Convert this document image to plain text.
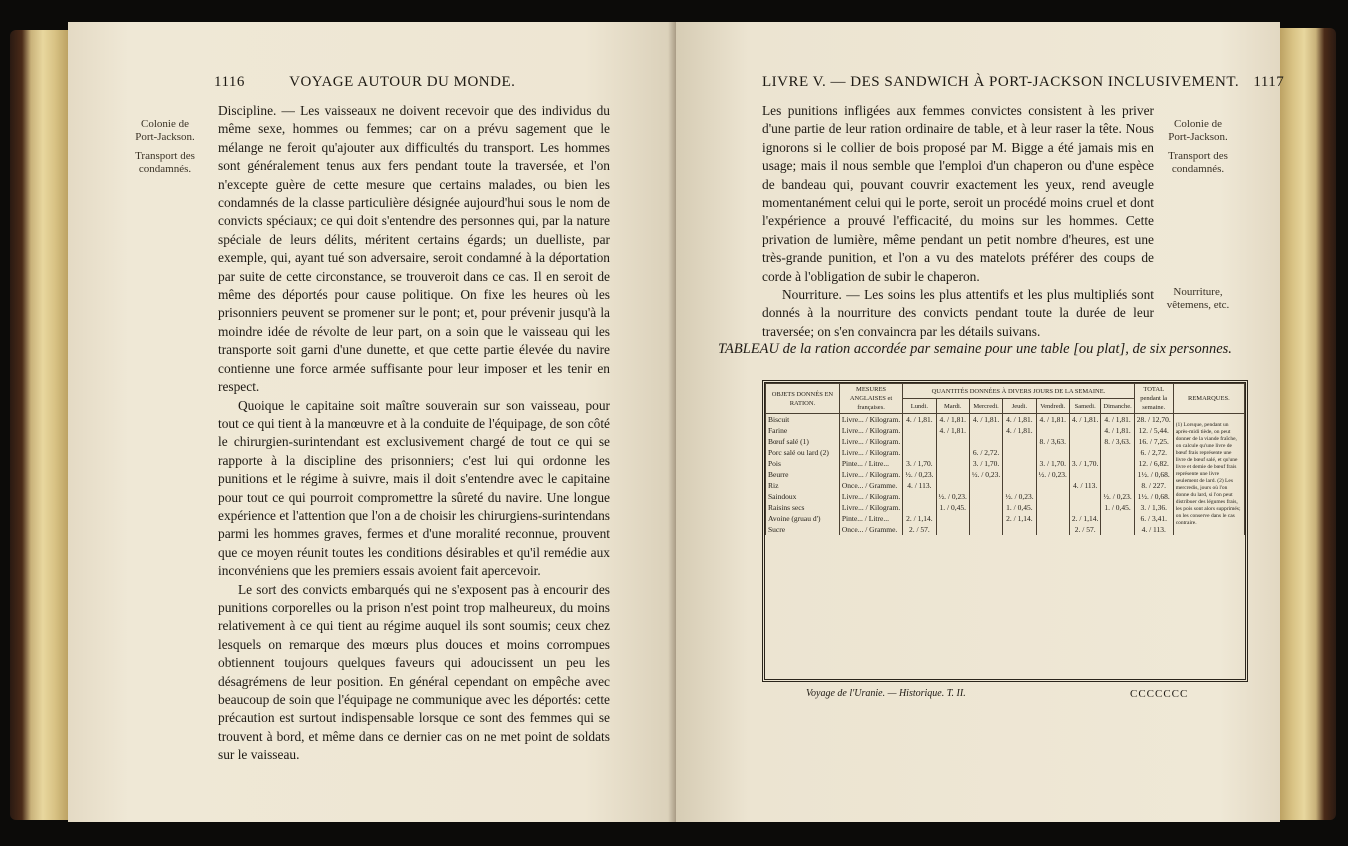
1116	VOYAGE AUTOUR DU MONDE.
Colonie de Port-Jackson.
Transport des condamnés.

Discipline. — Les vaisseaux ne doivent recevoir que des individus du même sexe, hommes ou femmes; car on a prévu sagement que le mélange ne feroit qu'ajouter aux difficultés du transport. Les hommes sont généralement tenus aux fers pendant toute la traversée, et l'on n'excepte guère de cette mesure que certains malades, ou bien les condamnés de la classe particulière désignée aujourd'hui sous le nom de convicts spéciaux; ce qui doit s'entendre des personnes qui, par la nature spéciale de leurs délits, méritent certains égards; un duelliste, par exemple, qui, ayant tué son adversaire, seroit condamné à la déportation par suite de cette circonstance, se trouveroit dans ce cas. Il en seroit de même des déportés pour cause politique. On fixe les heures où les prisonniers peuvent se promener sur le pont; et, pour prévenir jusqu'à la moindre idée de révolte de leur part, on a soin que le vaisseau qui les transporte soit garni d'une dunette, et que cette partie élevée du navire contienne une force armée suffisante pour leur imposer et les tenir en respect.

Quoique le capitaine soit maître souverain sur son vaisseau, pour tout ce qui tient à la manœuvre et à la conduite de l'équipage, de son côté le chirurgien-surintendant est exclusivement chargé de tout ce qui se rapporte à la discipline des prisonniers; c'est lui qui ordonne les punitions et le régime à suivre, mais il doit s'entendre avec le capitaine pour tout ce qui pourroit compromettre la sûreté du navire. Une longue expérience et l'attention que l'on a de choisir les chirurgiens-surintendans parmi les hommes graves, fermes et d'une moralité reconnue, prouvent que ce moyen réunit toutes les conditions désirables et qu'il remédie aux inconvéniens que les premiers essais avoient fait apercevoir.

Le sort des convicts embarqués qui ne s'exposent pas à encourir des punitions corporelles ou la prison n'est point trop malheureux, du moins relativement à ce qui tient au régime auquel ils sont soumis; ceux chez lesquels on remarque des mœurs plus douces et moins corrompues obtiennent toujours quelques faveurs qui adoucissent un peu les désagrémens de leur position. En général cependant on empêche avec beaucoup de soin que l'équipage ne communique avec les déportés: cette précaution est surtout indispensable lorsque ce sont des femmes qui se trouvent à bord, et même dans ce dernier cas on ne met point de soldats sur le vaisseau.

LIVRE V. — DES SANDWICH À PORT-JACKSON INCLUSIVEMENT. 1117
Colonie de Port-Jackson.
Transport des condamnés.
Nourriture, vêtemens, etc.

Les punitions infligées aux femmes convictes consistent à les priver d'une partie de leur ration ordinaire de table, et à leur raser la tête. Nous ignorons si le collier de bois proposé par M. Bigge a été jamais mis en usage; mais il nous semble que l'emploi d'un chaperon ou d'une espèce de bandeau qui, pouvant couvrir exactement les yeux, rend aveugle momentanément celui qui le porte, seroit un procédé moins cruel et dont l'expérience a prouvé l'efficacité, du moins sur les hommes. Cette privation de lumière, même pendant un petit nombre d'heures, est une très-grande punition, et l'on a vu des matelots préférer des coups de corde à l'obligation de subir le chaperon.

Nourriture. — Les soins les plus attentifs et les plus multipliés sont donnés à la nourriture des convicts pendant toute la durée de leur traversée; on s'en convaincra par les détails suivans.

TABLEAU de la ration accordée par semaine pour une table [ou plat], de six personnes.
OBJETS DONNÉS EN RATION.	MESURES ANGLAISES et françaises.	QUANTITÉS DONNÉES À DIVERS JOURS DE LA SEMAINE.							TOTAL pendant la semaine.	REMARQUES.
		Lundi.	Mardi.	Mercredi.	Jeudi.	Vendredi.	Samedi.	Dimanche.		
Biscuit	Livre... / Kilogram.	4. / 1,81.	4. / 1,81.	4. / 1,81.	4. / 1,81.	4. / 1,81.	4. / 1,81.	4. / 1,81.	28. / 12,70.	(1) Lorsque, pendant un après-midi tiède, on peut donner de la viande fraîche, on calcule qu'une livre de bœuf frais représente une livre de bœuf salé, et qu'une livre et demie de bœuf frais représente une livre seulement de lard. (2) Les mercredis, jours où l'on donne du lard, si l'on peut distribuer des légumes frais, les pois sont alors supprimés; on les conserve dans le cas contraire.
Farine	Livre... / Kilogram.		4. / 1,81.		4. / 1,81.			4. / 1,81.	12. / 5,44.	
Bœuf salé (1)	Livre... / Kilogram.					8. / 3,63.		8. / 3,63.	16. / 7,25.	
Porc salé ou lard (2)	Livre... / Kilogram.			6. / 2,72.					6. / 2,72.	
Pois	Pinte... / Litre...	3. / 1,70.		3. / 1,70.		3. / 1,70.	3. / 1,70.		12. / 6,82.	
Beurre	Livre... / Kilogram.	½. / 0,23.		½. / 0,23.		½. / 0,23.			1½. / 0,68.	
Riz	Once... / Gramme.	4. / 113.					4. / 113.		8. / 227.	
Saindoux	Livre... / Kilogram.		½. / 0,23.		½. / 0,23.			½. / 0,23.	1½. / 0,68.	
Raisins secs	Livre... / Kilogram.		1. / 0,45.		1. / 0,45.			1. / 0,45.	3. / 1,36.	
Avoine (gruau d')	Pinte... / Litre...	2. / 1,14.			2. / 1,14.		2. / 1,14.		6. / 3,41.	
Sucre	Once... / Gramme.	2. / 57.					2. / 57.		4. / 113.	
Voyage de l'Uranie. — Historique. T. II.	CCCCCCC
